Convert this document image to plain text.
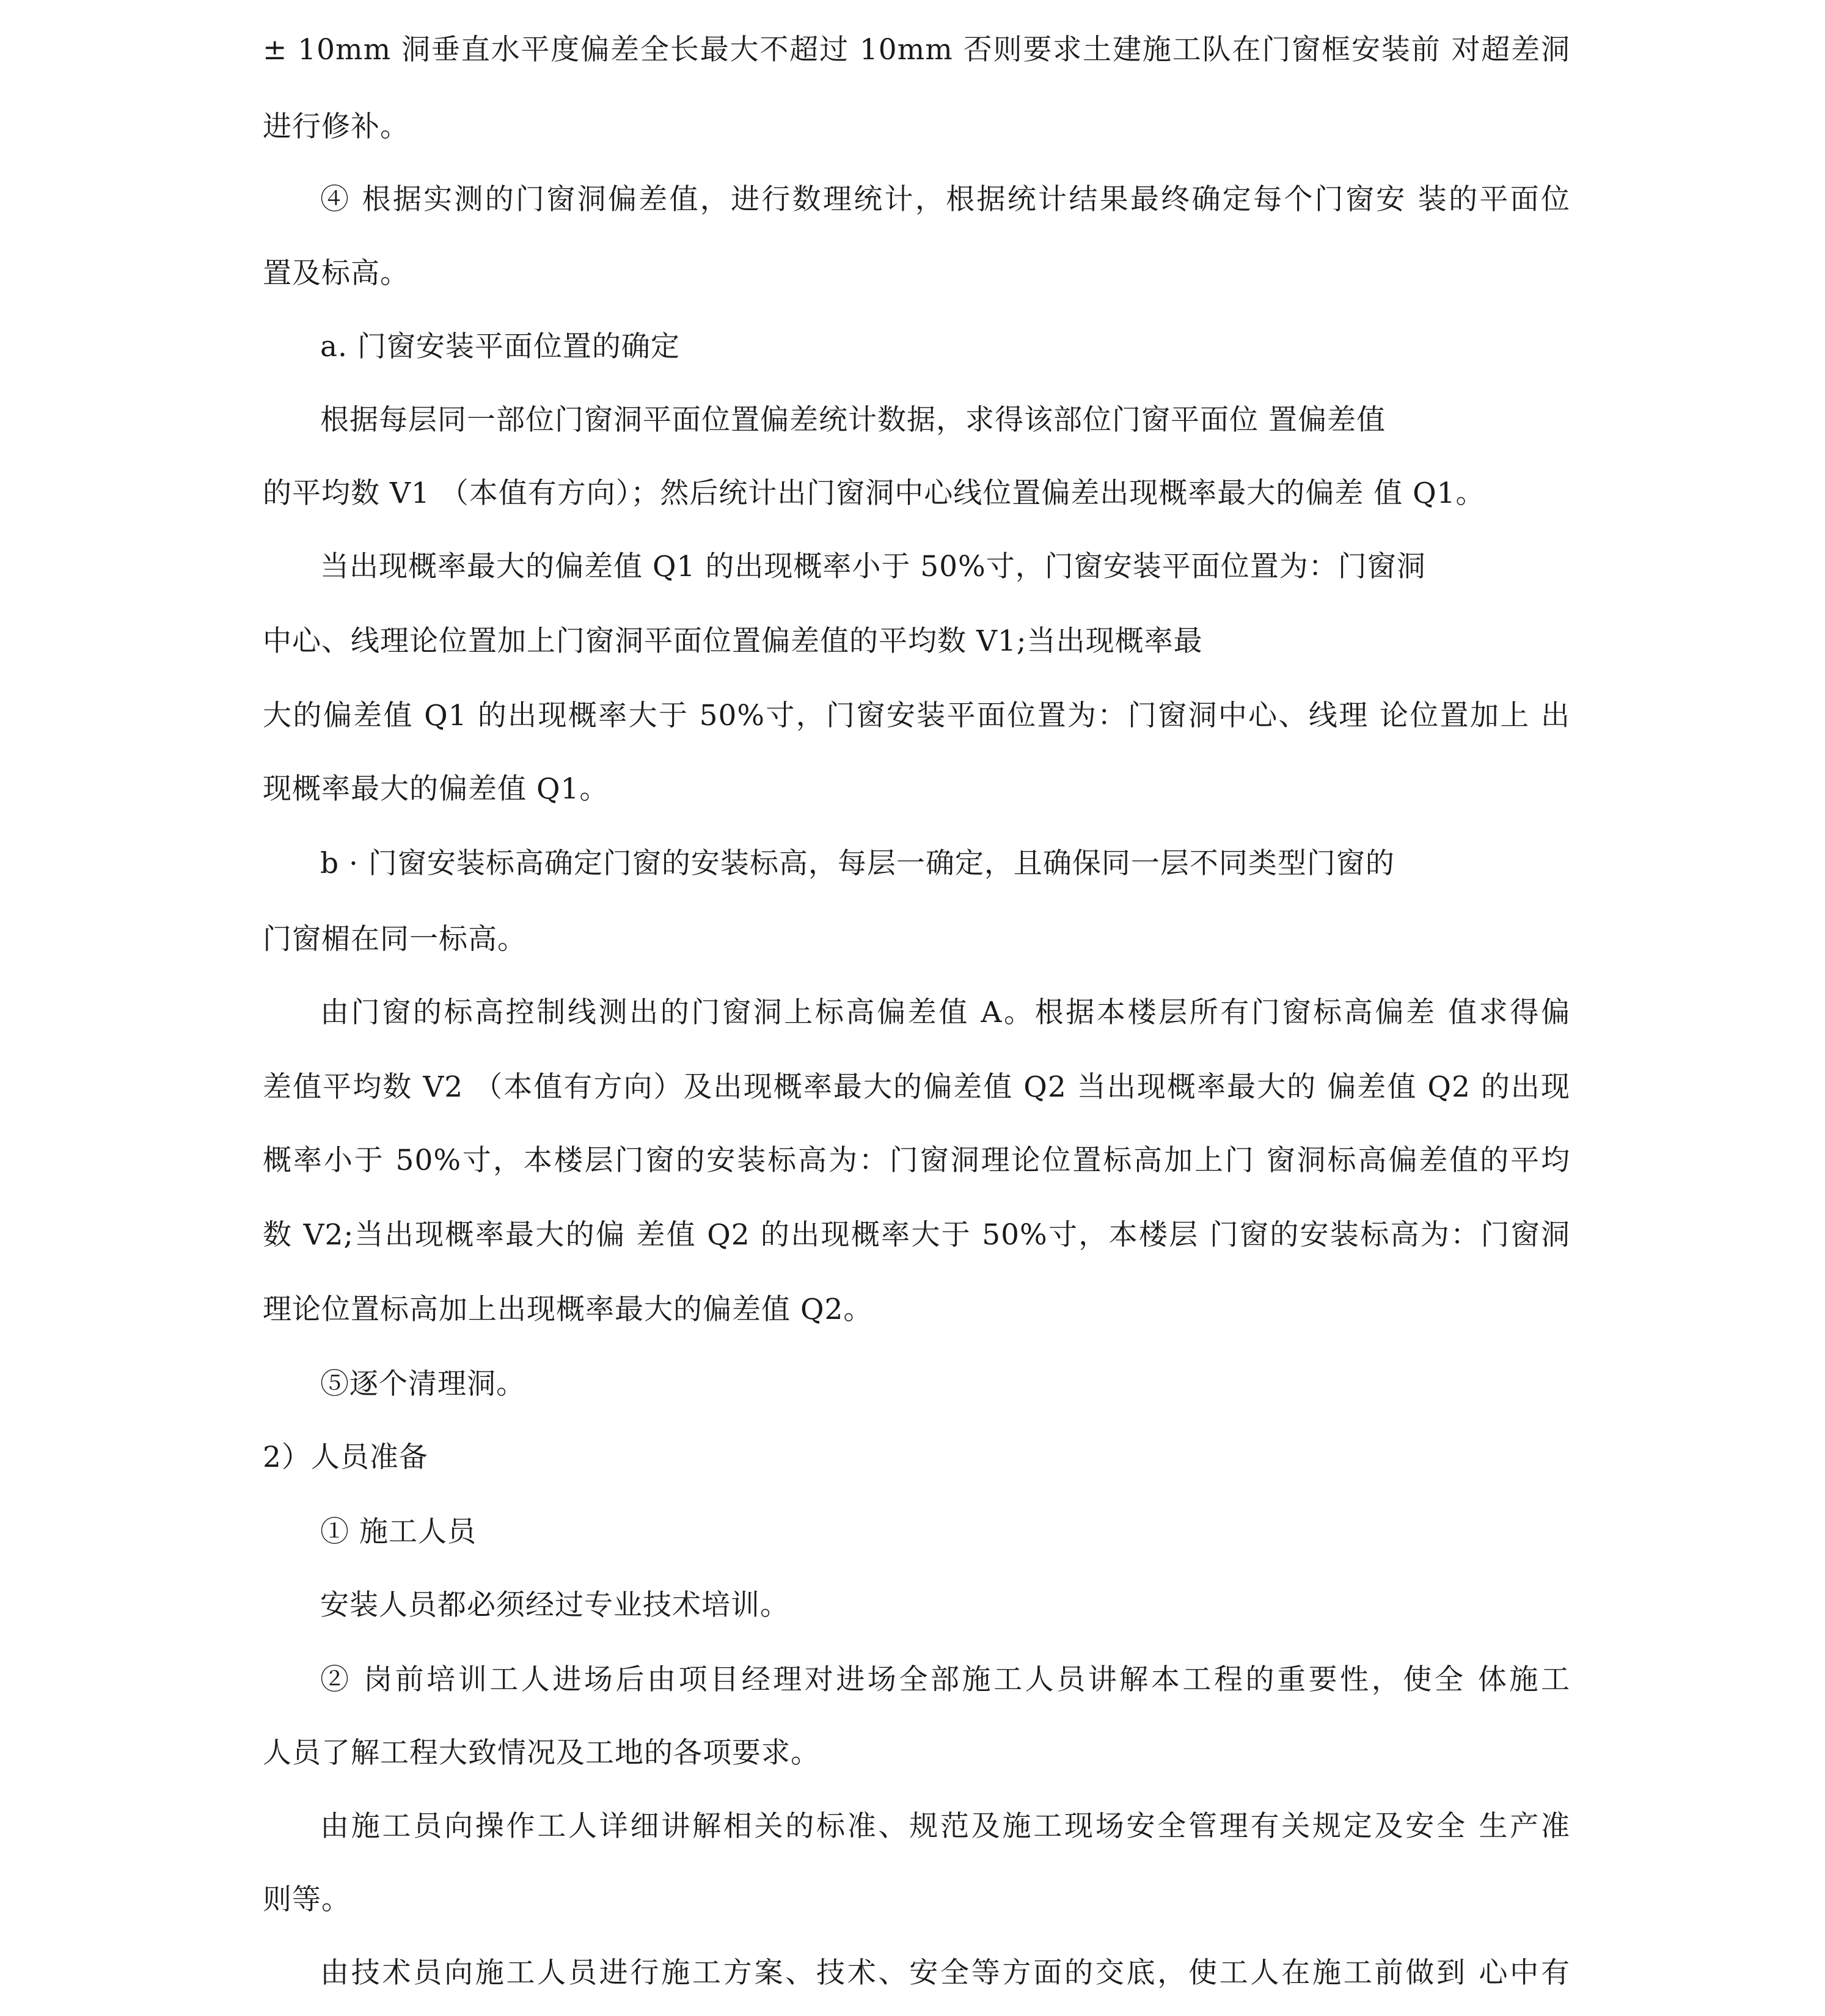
± 10mm 洞垂直水平度偏差全长最大不超过 10mm 否则要求土建施工队在门窗框安装前 对超差洞
进行修补。
④ 根据实测的门窗洞偏差值，进行数理统计，根据统计结果最终确定每个门窗安 装的平面位
置及标高。
a. 门窗安装平面位置的确定
根据每层同一部位门窗洞平面位置偏差统计数据，求得该部位门窗平面位 置偏差值
的平均数 V1 （本值有方向）；然后统计出门窗洞中心线位置偏差出现概率最大的偏差 值 Q1。
当出现概率最大的偏差值 Q1 的出现概率小于 50%寸，门窗安装平面位置为：门窗洞
中心、线理论位置加上门窗洞平面位置偏差值的平均数 V1;当出现概率最
大的偏差值 Q1 的出现概率大于 50%寸，门窗安装平面位置为：门窗洞中心、线理 论位置加上 出
现概率最大的偏差值 Q1。
b · 门窗安装标高确定门窗的安装标高，每层一确定，且确保同一层不同类型门窗的
门窗楣在同一标高。
由门窗的标高控制线测出的门窗洞上标高偏差值 A。根据本楼层所有门窗标高偏差 值求得偏
差值平均数 V2 （本值有方向）及出现概率最大的偏差值 Q2 当出现概率最大的 偏差值 Q2 的出现
概率小于 50%寸，本楼层门窗的安装标高为：门窗洞理论位置标高加上门 窗洞标高偏差值的平均
数 V2;当出现概率最大的偏 差值 Q2 的出现概率大于 50%寸，本楼层 门窗的安装标高为：门窗洞
理论位置标高加上出现概率最大的偏差值 Q2。
⑤逐个清理洞。
2）人员准备
① 施工人员
安装人员都必须经过专业技术培训。
② 岗前培训工人进场后由项目经理对进场全部施工人员讲解本工程的重要性，使全 体施工
人员了解工程大致情况及工地的各项要求。
由施工员向操作工人详细讲解相关的标准、规范及施工现场安全管理有关规定及安全 生产准
则等。
由技术员向施工人员进行施工方案、技术、安全等方面的交底，使工人在施工前做到 心中有
